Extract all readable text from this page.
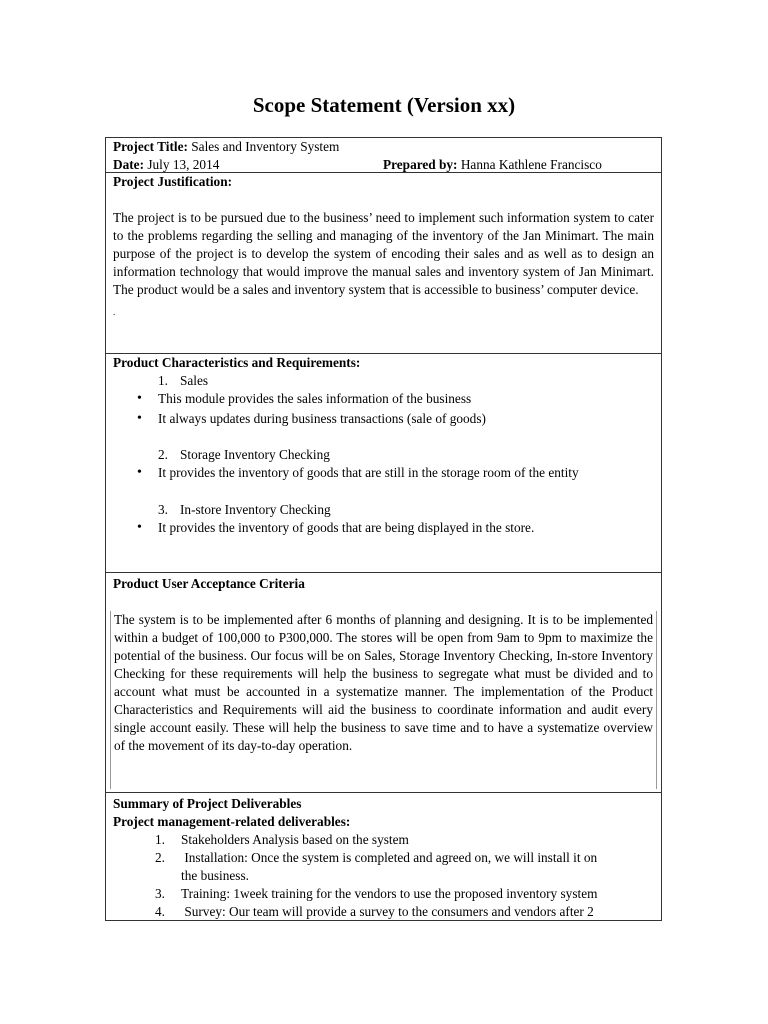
Scope Statement (Version xx)
Project Title: Sales and Inventory System
Date: July 13, 2014	Prepared by: Hanna Kathlene Francisco
Project Justification:
The project is to be pursued due to the business’ need to implement such information system to cater to the problems regarding the selling and managing of the inventory of the Jan Minimart. The main purpose of the project is to develop the system of encoding their sales and as well as to design an information technology that would improve the manual sales and inventory system of Jan Minimart. The product would be a sales and inventory system that is accessible to business’ computer device.
.
Product Characteristics and Requirements:
1. Sales
• This module provides the sales information of the business
• It always updates during business transactions (sale of goods)
2. Storage Inventory Checking
• It provides the inventory of goods that are still in the storage room of the entity
3. In-store Inventory Checking
• It provides the inventory of goods that are being displayed in the store.
Product User Acceptance Criteria
The system is to be implemented after 6 months of planning and designing. It is to be implemented within a budget of 100,000 to P300,000. The stores will be open from 9am to 9pm to maximize the potential of the business. Our focus will be on Sales, Storage Inventory Checking, In-store Inventory Checking for these requirements will help the business to segregate what must be divided and to account what must be accounted in a systematize manner. The implementation of the Product Characteristics and Requirements will aid the business to coordinate information and audit every single account easily. These will help the business to save time and to have a systematize overview of the movement of its day-to-day operation.
Summary of Project Deliverables
Project management-related deliverables:
1. Stakeholders Analysis based on the system
2. Installation: Once the system is completed and agreed on, we will install it on
the business.
3. Training: 1week training for the vendors to use the proposed inventory system
4. Survey: Our team will provide a survey to the consumers and vendors after 2
